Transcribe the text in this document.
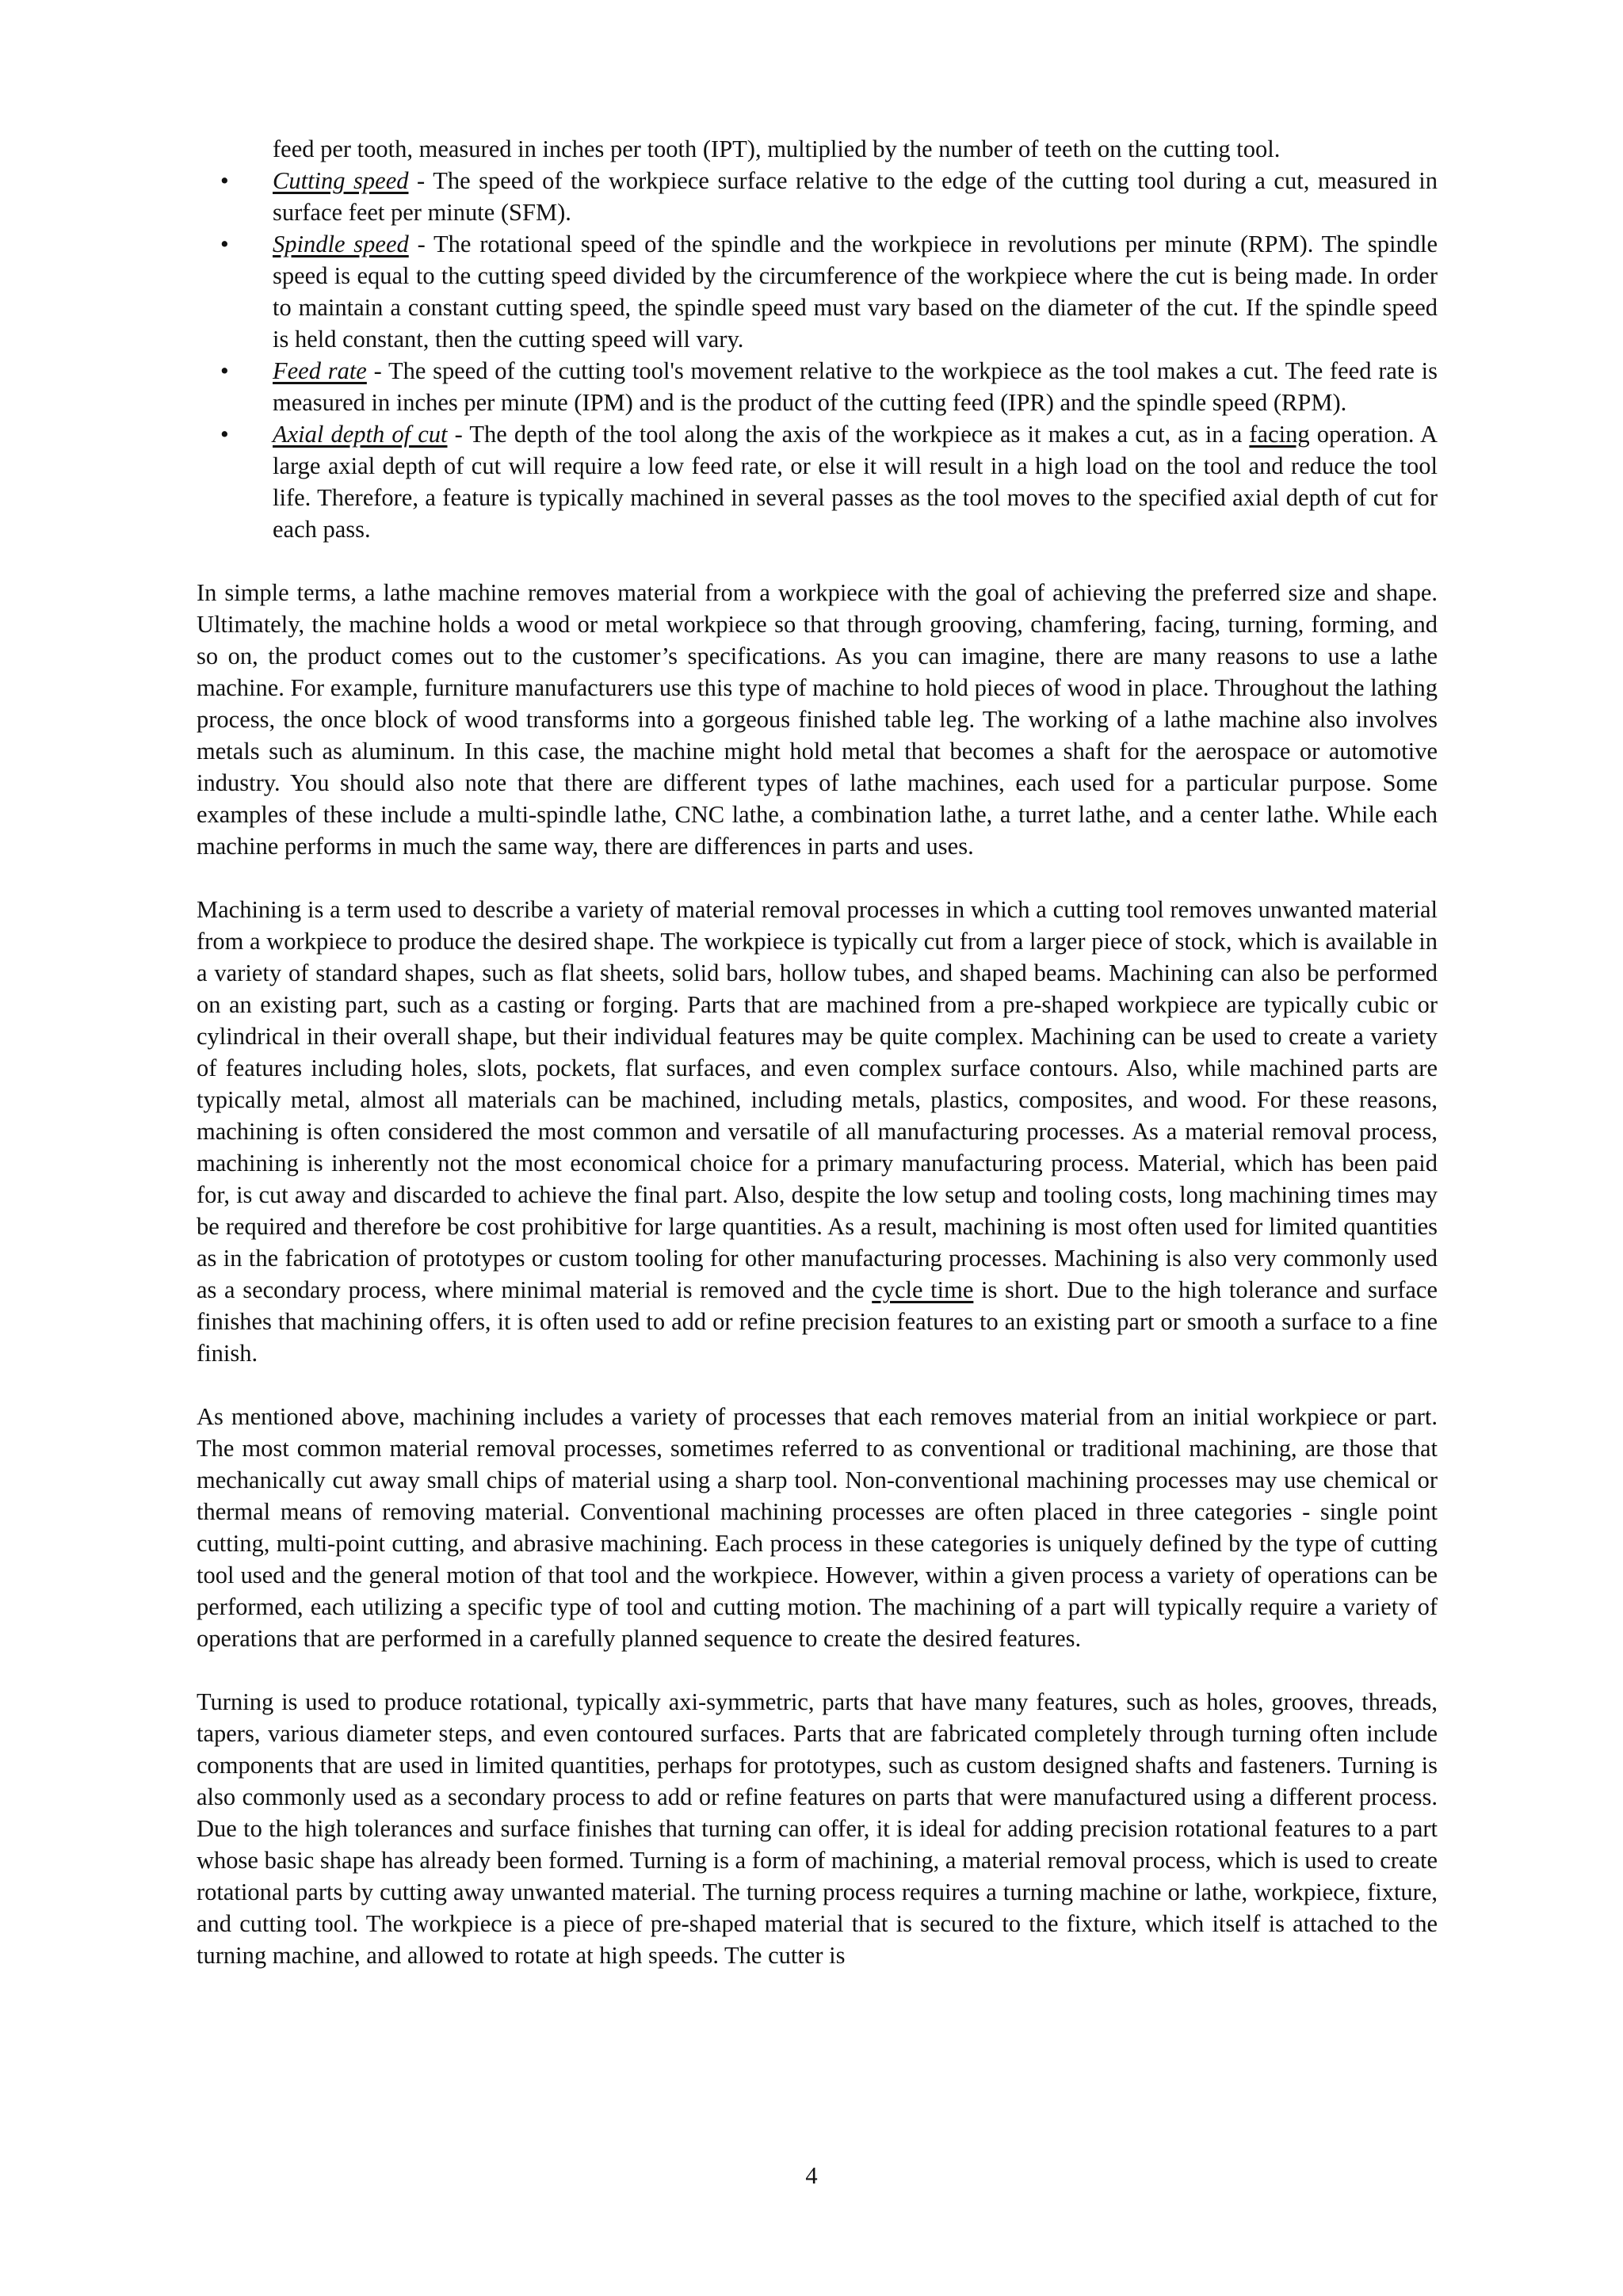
feed per tooth, measured in inches per tooth (IPT), multiplied by the number of teeth on the cutting tool.

• Cutting speed - The speed of the workpiece surface relative to the edge of the cutting tool during a cut, measured in surface feet per minute (SFM).
• Spindle speed - The rotational speed of the spindle and the workpiece in revolutions per minute (RPM). The spindle speed is equal to the cutting speed divided by the circumference of the workpiece where the cut is being made. In order to maintain a constant cutting speed, the spindle speed must vary based on the diameter of the cut. If the spindle speed is held constant, then the cutting speed will vary.
• Feed rate - The speed of the cutting tool's movement relative to the workpiece as the tool makes a cut. The feed rate is measured in inches per minute (IPM) and is the product of the cutting feed (IPR) and the spindle speed (RPM).
• Axial depth of cut - The depth of the tool along the axis of the workpiece as it makes a cut, as in a facing operation. A large axial depth of cut will require a low feed rate, or else it will result in a high load on the tool and reduce the tool life. Therefore, a feature is typically machined in several passes as the tool moves to the specified axial depth of cut for each pass.

In simple terms, a lathe machine removes material from a workpiece with the goal of achieving the preferred size and shape. Ultimately, the machine holds a wood or metal workpiece so that through grooving, chamfering, facing, turning, forming, and so on, the product comes out to the customer’s specifications. As you can imagine, there are many reasons to use a lathe machine. For example, furniture manufacturers use this type of machine to hold pieces of wood in place. Throughout the lathing process, the once block of wood transforms into a gorgeous finished table leg. The working of a lathe machine also involves metals such as aluminum. In this case, the machine might hold metal that becomes a shaft for the aerospace or automotive industry. You should also note that there are different types of lathe machines, each used for a particular purpose. Some examples of these include a multi-spindle lathe, CNC lathe, a combination lathe, a turret lathe, and a center lathe. While each machine performs in much the same way, there are differences in parts and uses.

Machining is a term used to describe a variety of material removal processes in which a cutting tool removes unwanted material from a workpiece to produce the desired shape. The workpiece is typically cut from a larger piece of stock, which is available in a variety of standard shapes, such as flat sheets, solid bars, hollow tubes, and shaped beams. Machining can also be performed on an existing part, such as a casting or forging. Parts that are machined from a pre-shaped workpiece are typically cubic or cylindrical in their overall shape, but their individual features may be quite complex. Machining can be used to create a variety of features including holes, slots, pockets, flat surfaces, and even complex surface contours. Also, while machined parts are typically metal, almost all materials can be machined, including metals, plastics, composites, and wood. For these reasons, machining is often considered the most common and versatile of all manufacturing processes. As a material removal process, machining is inherently not the most economical choice for a primary manufacturing process. Material, which has been paid for, is cut away and discarded to achieve the final part. Also, despite the low setup and tooling costs, long machining times may be required and therefore be cost prohibitive for large quantities. As a result, machining is most often used for limited quantities as in the fabrication of prototypes or custom tooling for other manufacturing processes. Machining is also very commonly used as a secondary process, where minimal material is removed and the cycle time is short. Due to the high tolerance and surface finishes that machining offers, it is often used to add or refine precision features to an existing part or smooth a surface to a fine finish.

As mentioned above, machining includes a variety of processes that each removes material from an initial workpiece or part. The most common material removal processes, sometimes referred to as conventional or traditional machining, are those that mechanically cut away small chips of material using a sharp tool. Non-conventional machining processes may use chemical or thermal means of removing material. Conventional machining processes are often placed in three categories - single point cutting, multi-point cutting, and abrasive machining. Each process in these categories is uniquely defined by the type of cutting tool used and the general motion of that tool and the workpiece. However, within a given process a variety of operations can be performed, each utilizing a specific type of tool and cutting motion. The machining of a part will typically require a variety of operations that are performed in a carefully planned sequence to create the desired features.

Turning is used to produce rotational, typically axi-symmetric, parts that have many features, such as holes, grooves, threads, tapers, various diameter steps, and even contoured surfaces. Parts that are fabricated completely through turning often include components that are used in limited quantities, perhaps for prototypes, such as custom designed shafts and fasteners. Turning is also commonly used as a secondary process to add or refine features on parts that were manufactured using a different process. Due to the high tolerances and surface finishes that turning can offer, it is ideal for adding precision rotational features to a part whose basic shape has already been formed. Turning is a form of machining, a material removal process, which is used to create rotational parts by cutting away unwanted material. The turning process requires a turning machine or lathe, workpiece, fixture, and cutting tool. The workpiece is a piece of pre-shaped material that is secured to the fixture, which itself is attached to the turning machine, and allowed to rotate at high speeds. The cutter is

4
